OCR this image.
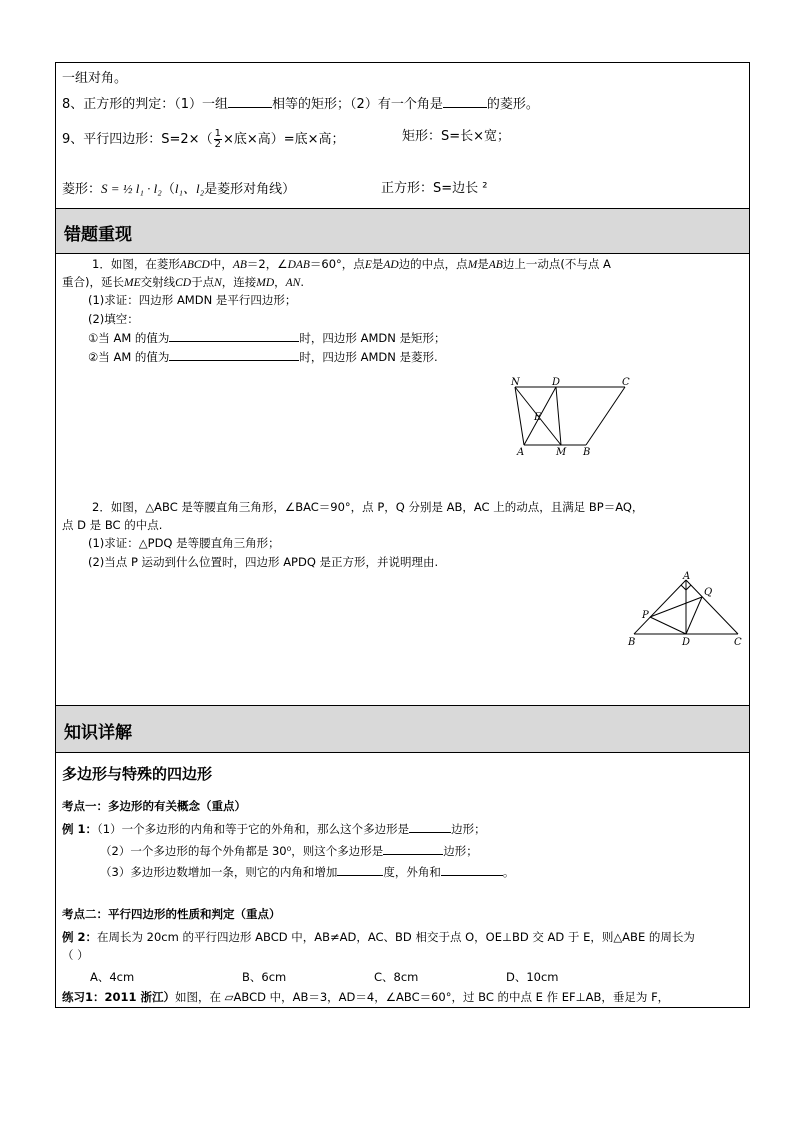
一组对角。
8、正方形的判定：（1）一组	相等的矩形；（2）有一个角是	的菱形。
9、平行四边形：$S=2\times( \frac{1}{2}$ ×底×高）=底×高；	矩形：S=长×宽；
菱形：S = ½ l₁ · l₂（l₁、l₂是菱形对角线）	正方形：S=边长 ²
错题重现
1．如图，在菱形ABCD中，AB＝2，∠DAB＝60°，点E是AD边的中点，点M是AB边上一动点(不与点 A
重合)，延长ME交射线CD于点N，连接MD，AN.
(1)求证：四边形 AMDN 是平行四边形；
(2)填空：
①当 AM 的值为	时，四边形 AMDN 是矩形；
②当 AM 的值为	时，四边形 AMDN 是菱形.
N	D	C
E
A	M B
2．如图，△ABC 是等腰直角三角形，∠BAC＝90°，点 P，Q 分别是 AB，AC 上的动点，且满足 BP＝AQ，
点 D 是 BC 的中点.
(1)求证：△PDQ 是等腰直角三角形；
(2)当点 P 运动到什么位置时，四边形 APDQ 是正方形，并说明理由.
A
Q
P
B	D	C
知识详解
多边形与特殊的四边形
考点一：多边形的有关概念（重点）
例 1：（1）一个多边形的内角和等于它的外角和，那么这个多边形是	边形；
（2）一个多边形的每个外角都是 30⁰，则这个多边形是	边形；
（3）多边形边数增加一条，则它的内角和增加	度，外角和	。
考点二：平行四边形的性质和判定（重点）
例 2：在周长为 20cm 的平行四边形 ABCD 中，AB≠AD，AC、BD 相交于点 O，OE⊥BD 交 AD 于 E，则△ABE 的周长为
（ ）
A、4cm	B、6cm	C、8cm	D、10cm
练习1：2011 浙江）如图，在 ▱ABCD 中，AB＝3，AD＝4，∠ABC＝60°，过 BC 的中点 E 作 EF⊥AB，垂足为 F，
